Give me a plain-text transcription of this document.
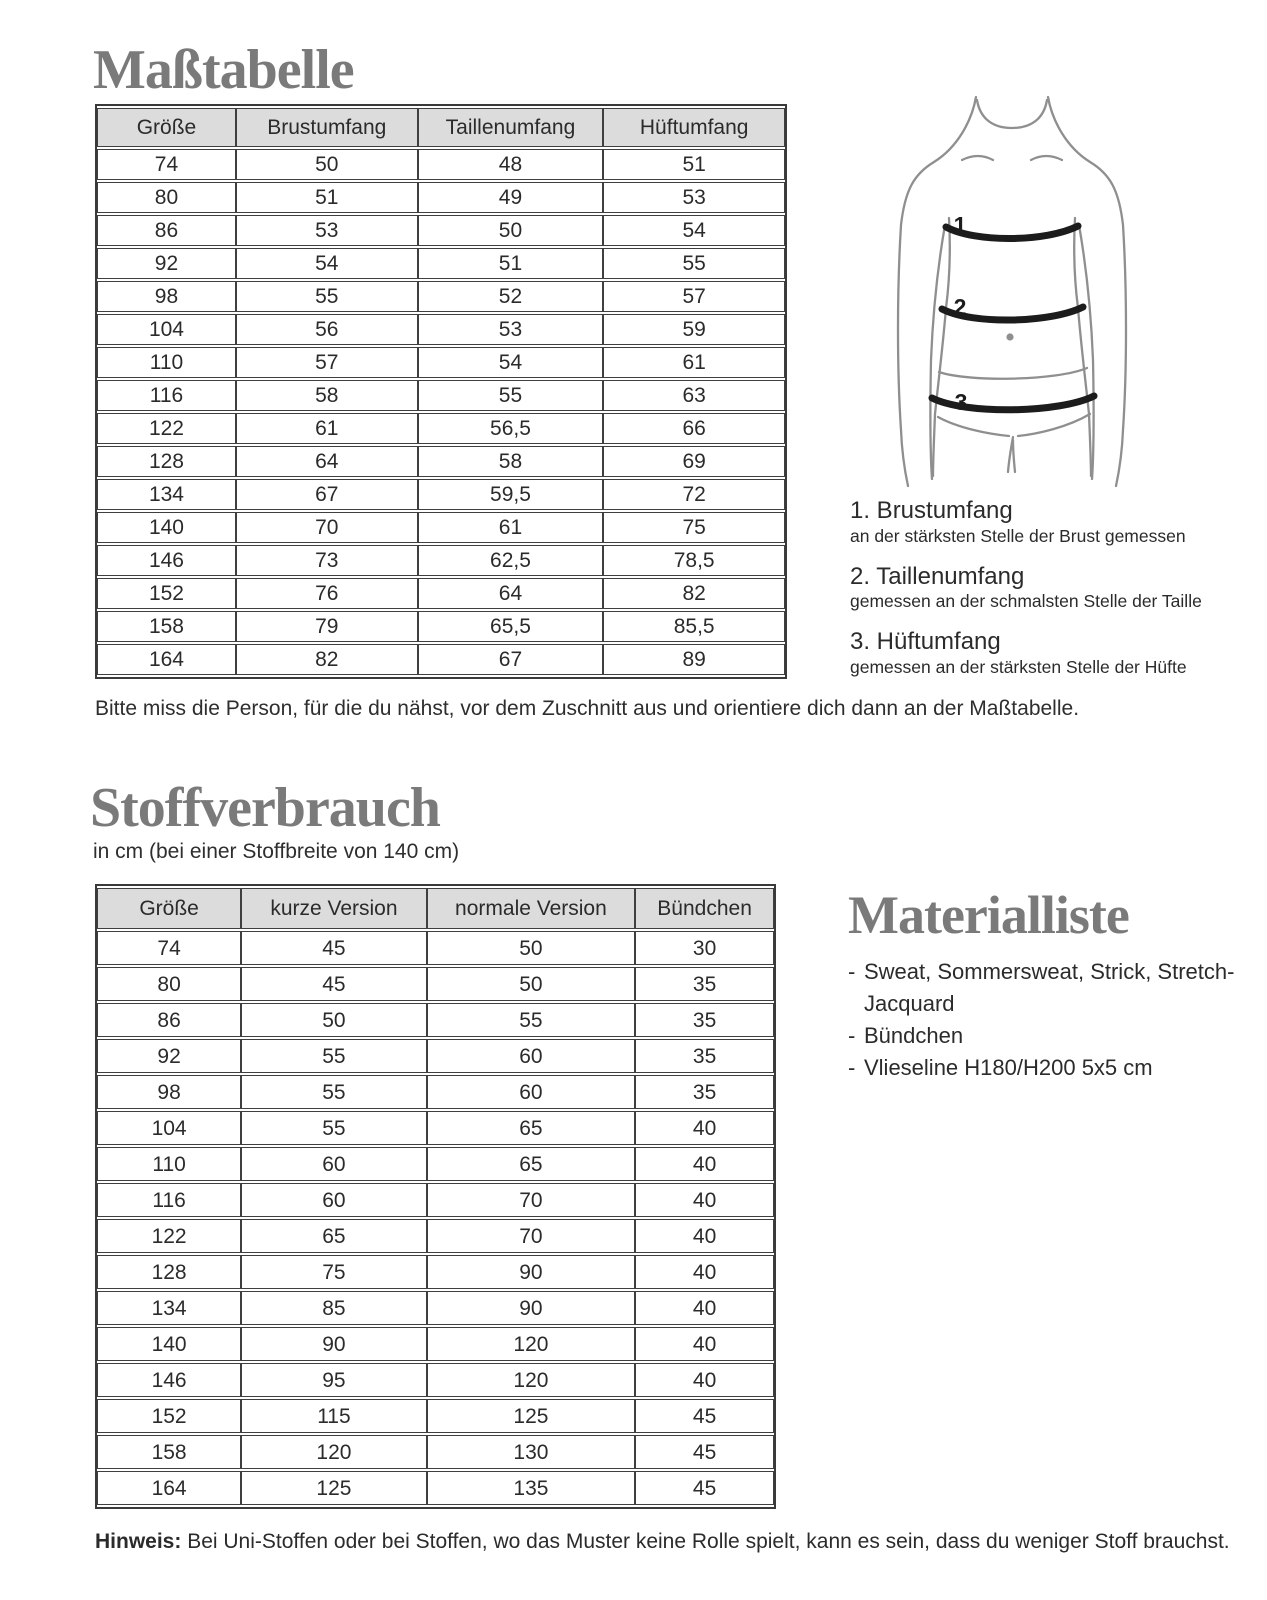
Maßtabelle
Größe	Brustumfang	Taillenumfang	Hüftumfang
74	50	48	51
80	51	49	53
86	53	50	54
92	54	51	55
98	55	52	57
104	56	53	59
110	57	54	61
116	58	55	63
122	61	56,5	66
128	64	58	69
134	67	59,5	72
140	70	61	75
146	73	62,5	78,5
152	76	64	82
158	79	65,5	85,5
164	82	67	89
1
2
3
1. Brustumfang
an der stärksten Stelle der Brust gemessen
2. Taillenumfang
gemessen an der schmalsten Stelle der Taille
3. Hüftumfang
gemessen an der stärksten Stelle der Hüfte

Bitte miss die Person, für die du nähst, vor dem Zuschnitt aus und orientiere dich dann an der Maßtabelle.

Stoffverbrauch

in cm (bei einer Stoffbreite von 140 cm)

Größe	kurze Version	normale Version	Bündchen
74	45	50	30
80	45	50	35
86	50	55	35
92	55	60	35
98	55	60	35
104	55	65	40
110	60	65	40
116	60	70	40
122	65	70	40
128	75	90	40
134	85	90	40
140	90	120	40
146	95	120	40
152	115	125	45
158	120	130	45
164	125	135	45
Materialliste
- Sweat, Sommersweat, Strick, Stretch-Jacquard
- Bündchen
- Vlieseline H180/H200 5x5 cm

Hinweis: Bei Uni-Stoffen oder bei Stoffen, wo das Muster keine Rolle spielt, kann es sein, dass du weniger Stoff brauchst.
